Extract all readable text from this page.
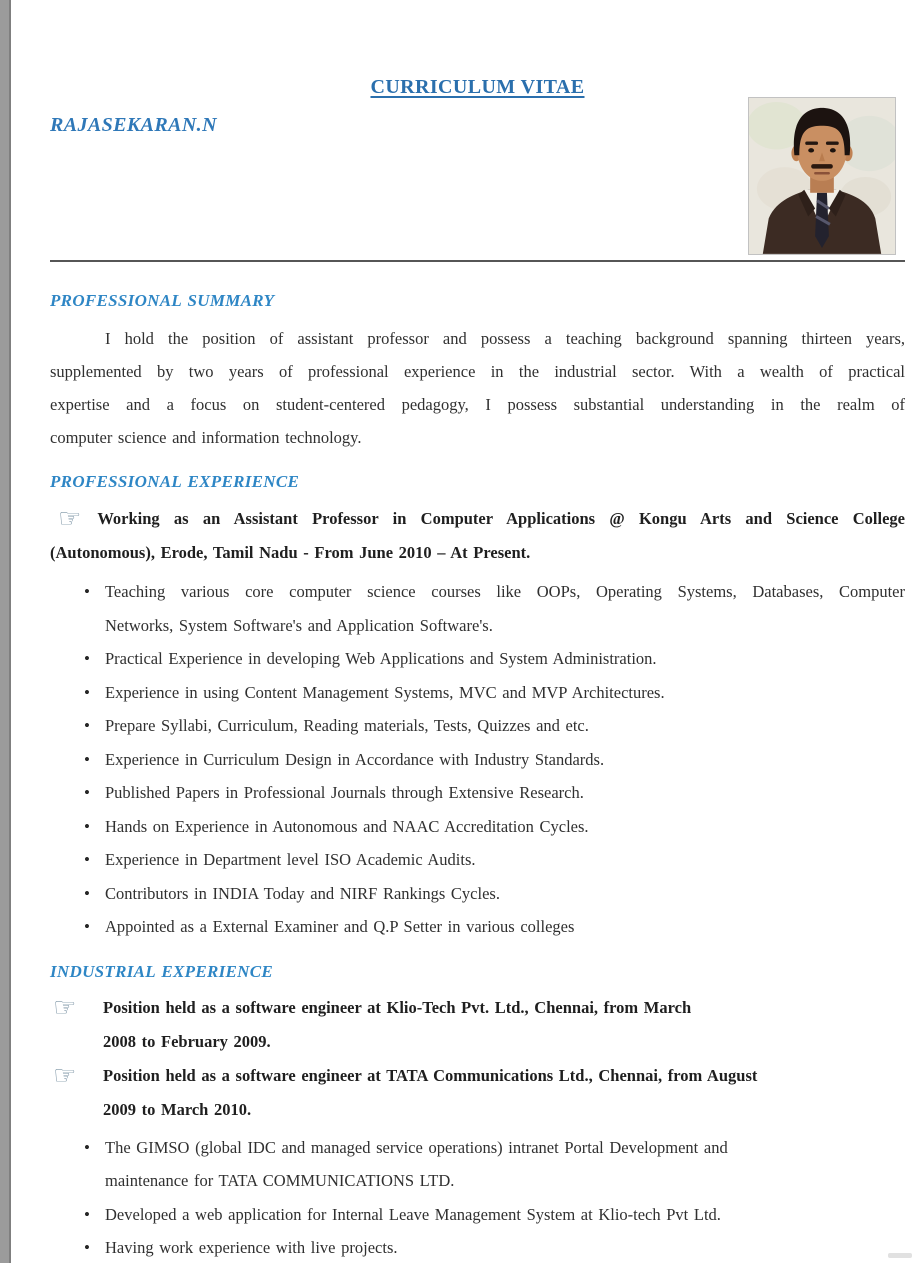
CURRICULUM VITAE
RAJASEKARAN.N
PROFESSIONAL SUMMARY

I hold the position of assistant professor and possess a teaching background spanning thirteen years,
supplemented by two years of professional experience in the industrial sector. With a wealth of practical
expertise and a focus on student-centered pedagogy, I possess substantial understanding in the realm of
computer science and information technology.

PROFESSIONAL EXPERIENCE
☞ Working as an Assistant Professor in Computer Applications @ Kongu Arts and Science College
(Autonomous), Erode, Tamil Nadu - From June 2010 – At Present.
• Teaching various core computer science courses like OOPs, Operating Systems, Databases, Computer
Networks, System Software's and Application Software's.
• Practical Experience in developing Web Applications and System Administration.
• Experience in using Content Management Systems, MVC and MVP Architectures.
• Prepare Syllabi, Curriculum, Reading materials, Tests, Quizzes and etc.
• Experience in Curriculum Design in Accordance with Industry Standards.
• Published Papers in Professional Journals through Extensive Research.
• Hands on Experience in Autonomous and NAAC Accreditation Cycles.
• Experience in Department level ISO Academic Audits.
• Contributors in INDIA Today and NIRF Rankings Cycles.
• Appointed as a External Examiner and Q.P Setter in various colleges
INDUSTRIAL EXPERIENCE
☞	Position held as a software engineer at Klio-Tech Pvt. Ltd., Chennai, from March
2008 to February 2009.
☞	Position held as a software engineer at TATA Communications Ltd., Chennai, from August
2009 to March 2010.
• The GIMSO (global IDC and managed service operations) intranet Portal Development and
maintenance for TATA COMMUNICATIONS LTD.
• Developed a web application for Internal Leave Management System at Klio-tech Pvt Ltd.
• Having work experience with live projects.
